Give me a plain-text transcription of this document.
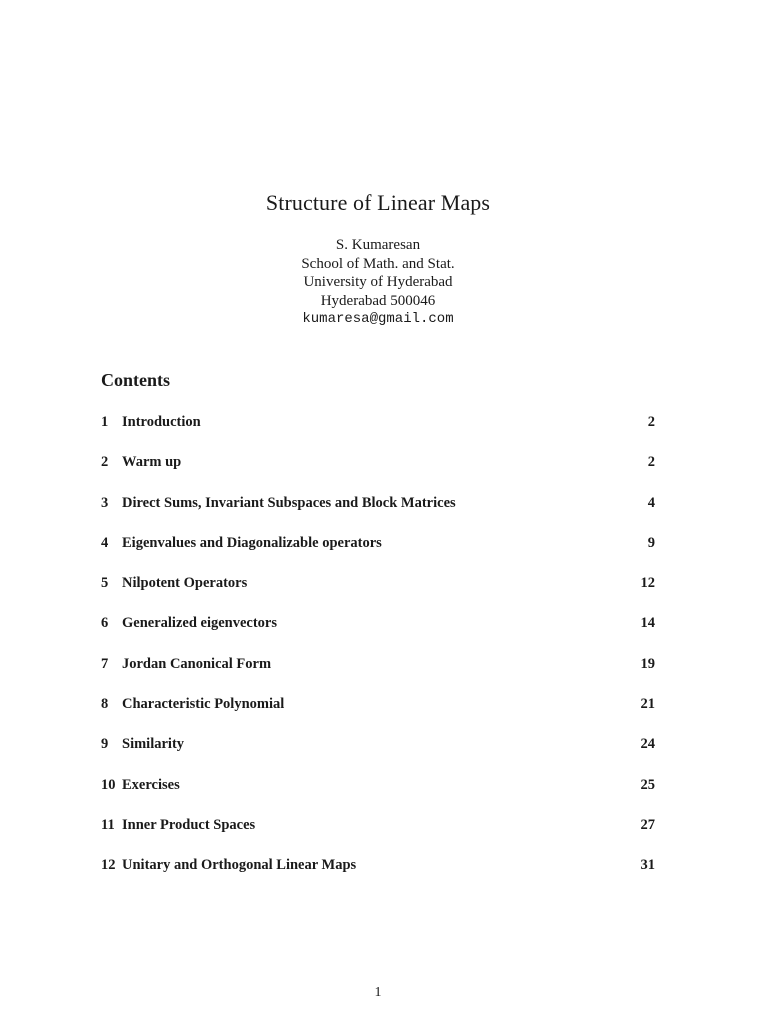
Structure of Linear Maps
S. Kumaresan
School of Math. and Stat.
University of Hyderabad
Hyderabad 500046
kumaresa@gmail.com
Contents
1 Introduction	2
2 Warm up	2
3 Direct Sums, Invariant Subspaces and Block Matrices	4
4 Eigenvalues and Diagonalizable operators	9
5 Nilpotent Operators	12
6 Generalized eigenvectors	14
7 Jordan Canonical Form	19
8 Characteristic Polynomial	21
9 Similarity	24
10 Exercises	25
11 Inner Product Spaces	27
12 Unitary and Orthogonal Linear Maps	31
1
